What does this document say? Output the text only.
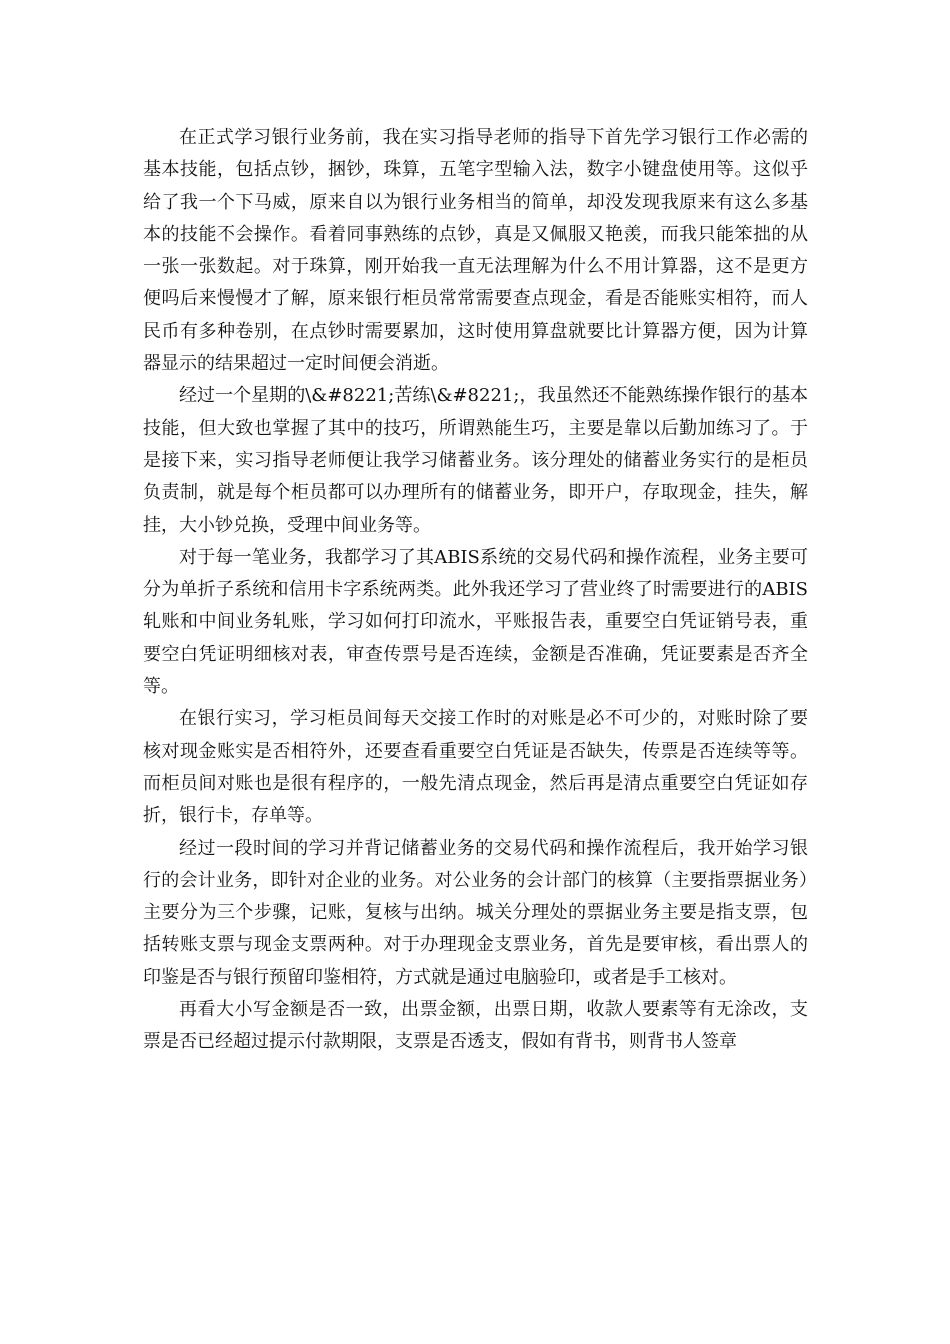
在正式学习银行业务前，我在实习指导老师的指导下首先学习银行工作必需的基本技能，包括点钞，捆钞，珠算，五笔字型输入法，数字小键盘使用等。这似乎给了我一个下马威，原来自以为银行业务相当的简单，却没发现我原来有这么多基本的技能不会操作。看着同事熟练的点钞，真是又佩服又艳羡，而我只能笨拙的从一张一张数起。对于珠算，刚开始我一直无法理解为什么不用计算器，这不是更方便吗后来慢慢才了解，原来银行柜员常常需要查点现金，看是否能账实相符，而人民币有多种卷别，在点钞时需要累加，这时使用算盘就要比计算器方便，因为计算器显示的结果超过一定时间便会消逝。

经过一个星期的\&#8221;苦练\&#8221;，我虽然还不能熟练操作银行的基本技能，但大致也掌握了其中的技巧，所谓熟能生巧，主要是靠以后勤加练习了。于是接下来，实习指导老师便让我学习储蓄业务。该分理处的储蓄业务实行的是柜员负责制，就是每个柜员都可以办理所有的储蓄业务，即开户，存取现金，挂失，解挂，大小钞兑换，受理中间业务等。

对于每一笔业务，我都学习了其ABIS系统的交易代码和操作流程，业务主要可分为单折子系统和信用卡字系统两类。此外我还学习了营业终了时需要进行的ABIS轧账和中间业务轧账，学习如何打印流水，平账报告表，重要空白凭证销号表，重要空白凭证明细核对表，审查传票号是否连续，金额是否准确，凭证要素是否齐全等。

在银行实习，学习柜员间每天交接工作时的对账是必不可少的，对账时除了要核对现金账实是否相符外，还要查看重要空白凭证是否缺失，传票是否连续等等。而柜员间对账也是很有程序的，一般先清点现金，然后再是清点重要空白凭证如存折，银行卡，存单等。

经过一段时间的学习并背记储蓄业务的交易代码和操作流程后，我开始学习银行的会计业务，即针对企业的业务。对公业务的会计部门的核算（主要指票据业务）主要分为三个步骤，记账，复核与出纳。城关分理处的票据业务主要是指支票，包括转账支票与现金支票两种。对于办理现金支票业务，首先是要审核，看出票人的印鉴是否与银行预留印鉴相符，方式就是通过电脑验印，或者是手工核对。

再看大小写金额是否一致，出票金额，出票日期，收款人要素等有无涂改，支票是否已经超过提示付款期限，支票是否透支，假如有背书，则背书人签章
